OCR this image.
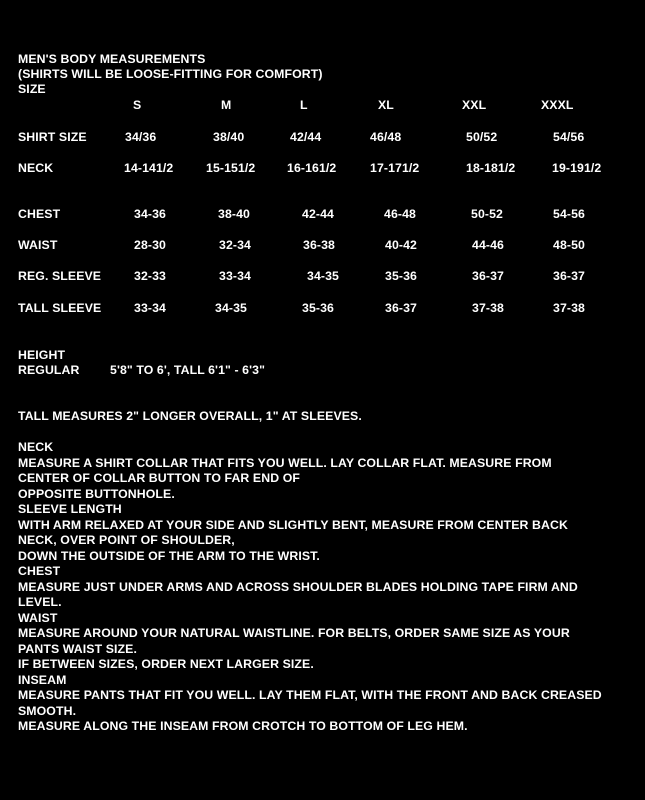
MEN'S BODY MEASUREMENTS
(SHIRTS WILL BE LOOSE-FITTING FOR COMFORT)
SIZE
S	M	L	XL	XXL	XXXL
SHIRT SIZE	34/36	38/40	42/44	46/48	50/52	54/56
NECK	14-141/2	15-151/2	16-161/2	17-171/2	18-181/2	19-191/2
CHEST	34-36	38-40	42-44	46-48	50-52	54-56
WAIST	28-30	32-34	36-38	40-42	44-46	48-50
REG. SLEEVE	32-33	33-34	34-35	35-36	36-37	36-37
TALL SLEEVE	33-34	34-35	35-36	36-37	37-38	37-38
HEIGHT
REGULAR 5'8" TO 6', TALL 6'1" - 6'3"
TALL MEASURES 2" LONGER OVERALL, 1" AT SLEEVES.
NECK
MEASURE A SHIRT COLLAR THAT FITS YOU WELL. LAY COLLAR FLAT. MEASURE FROM
CENTER OF COLLAR BUTTON TO FAR END OF
OPPOSITE BUTTONHOLE.
SLEEVE LENGTH
WITH ARM RELAXED AT YOUR SIDE AND SLIGHTLY BENT, MEASURE FROM CENTER BACK
NECK, OVER POINT OF SHOULDER,
DOWN THE OUTSIDE OF THE ARM TO THE WRIST.
CHEST
MEASURE JUST UNDER ARMS AND ACROSS SHOULDER BLADES HOLDING TAPE FIRM AND
LEVEL.
WAIST
MEASURE AROUND YOUR NATURAL WAISTLINE. FOR BELTS, ORDER SAME SIZE AS YOUR
PANTS WAIST SIZE.
IF BETWEEN SIZES, ORDER NEXT LARGER SIZE.
INSEAM
MEASURE PANTS THAT FIT YOU WELL. LAY THEM FLAT, WITH THE FRONT AND BACK CREASED
SMOOTH.
MEASURE ALONG THE INSEAM FROM CROTCH TO BOTTOM OF LEG HEM.
